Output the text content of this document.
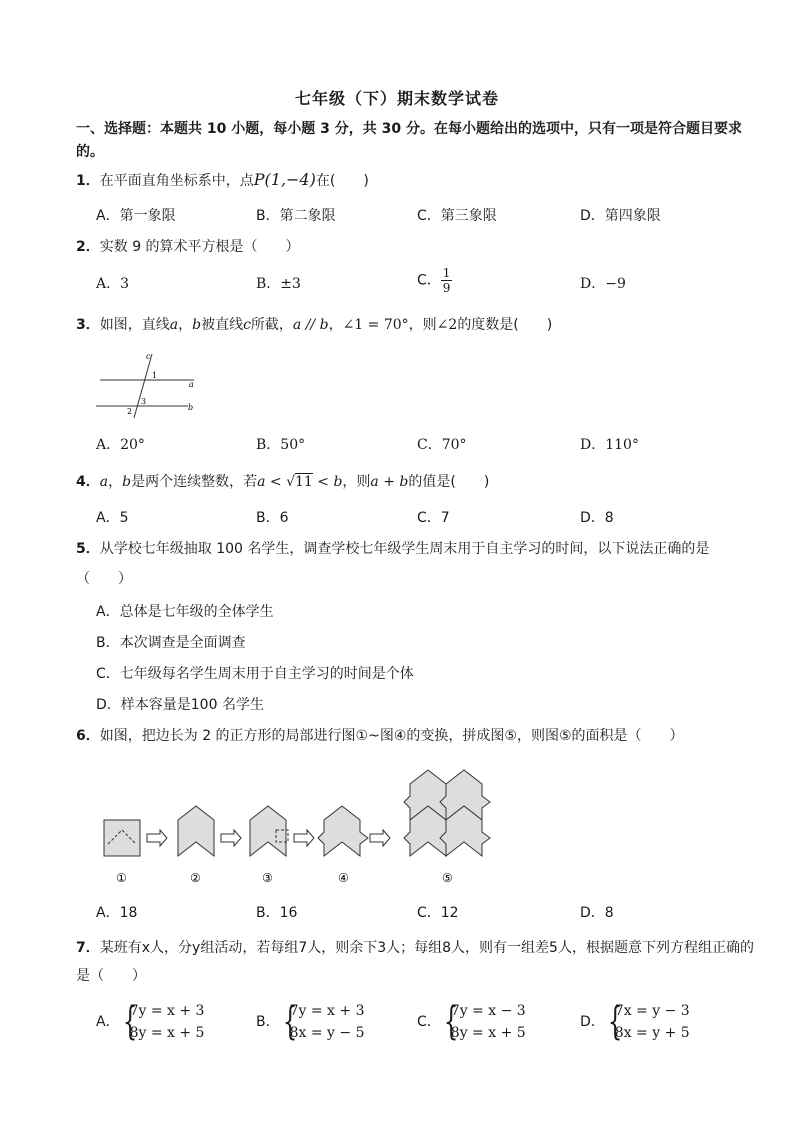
七年级（下）期末数学试卷
一、选择题：本题共 10 小题，每小题 3 分，共 30 分。在每小题给出的选项中，只有一项是符合题目要求的。
1．在平面直角坐标系中，点P(1,−4)在(　　)
A．第一象限	B．第二象限	C．第三象限	D．第四象限
2．实数 9 的算术平方根是（　　）
A．3	B．±3	C． $\frac{1}{9}$	D．−9
3．如图，直线a，b被直线c所截，a // b，∠1 = 70°，则∠2的度数是(　　)
c
a
b
1
2
3
A．20°	B．50°	C．70°	D．110°
4．a，b是两个连续整数，若a < √11 < b，则a + b的值是(　　)
A．5	B．6	C．7	D．8
5．从学校七年级抽取 100 名学生，调查学校七年级学生周末用于自主学习的时间，以下说法正确的是
（　　）
A．总体是七年级的全体学生
B．本次调查是全面调查
C．七年级每名学生周末用于自主学习的时间是个体
D．样本容量是100 名学生
6．如图，把边长为 2 的正方形的局部进行图①~图④的变换，拼成图⑤，则图⑤的面积是（　　）
①	②	③	④	⑤
A．18	B．16	C．12	D．8
7．某班有x人，分y组活动，若每组7人，则余下3人；每组8人，则有一组差5人，根据题意下列方程组正确的是（　　）
A． {
7y = x + 3
8y = x + 5
B． {
7y = x + 3
8x = y − 5
C． {
7y = x − 3
8y = x + 5
D． {
7x = y − 3
8x = y + 5
